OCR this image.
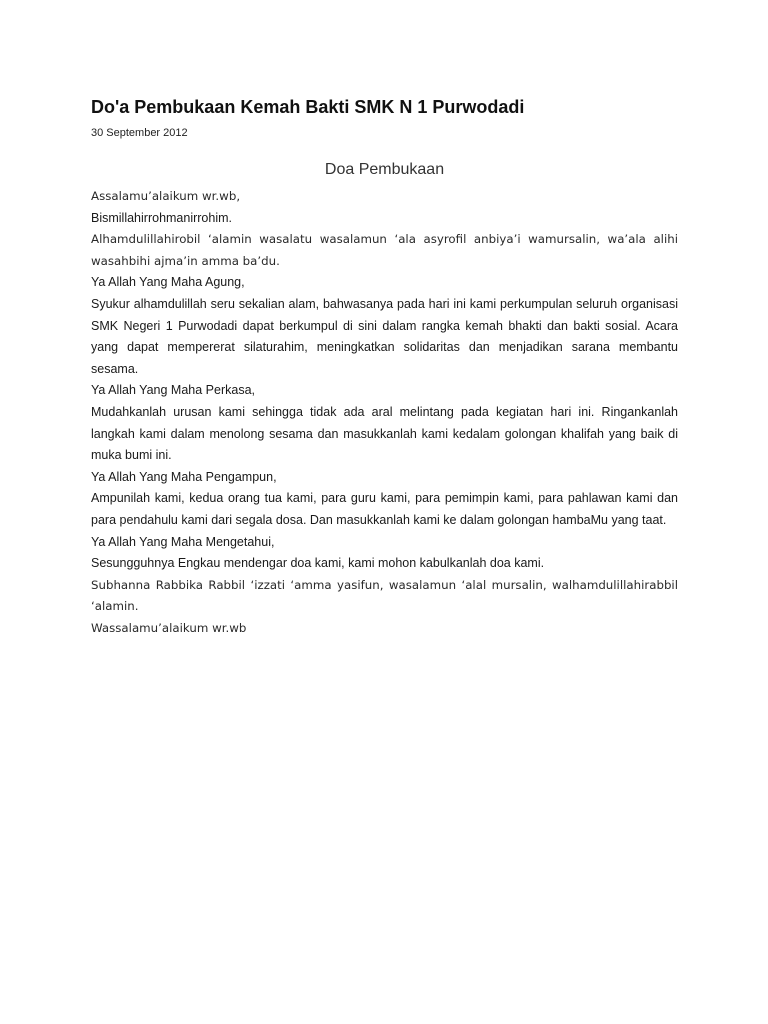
Do'a Pembukaan Kemah Bakti SMK N 1 Purwodadi
30 September 2012
Doa Pembukaan

Assalamu’alaikum wr.wb,

Bismillahirrohmanirrohim.

Alhamdulillahirobil ‘alamin wasalatu wasalamun ‘ala asyrofil anbiya’i wamursalin, wa’ala alihi wasahbihi ajma’in amma ba’du.

Ya Allah Yang Maha Agung,

Syukur alhamdulillah seru sekalian alam, bahwasanya pada hari ini kami perkumpulan seluruh organisasi SMK Negeri 1 Purwodadi dapat berkumpul di sini dalam rangka kemah bhakti dan bakti sosial. Acara yang dapat mempererat silaturahim, meningkatkan solidaritas dan menjadikan sarana membantu sesama.

Ya Allah Yang Maha Perkasa,

Mudahkanlah urusan kami sehingga tidak ada aral melintang pada kegiatan hari ini. Ringankanlah langkah kami dalam menolong sesama dan masukkanlah kami kedalam golongan khalifah yang baik di muka bumi ini.

Ya Allah Yang Maha Pengampun,

Ampunilah kami, kedua orang tua kami, para guru kami, para pemimpin kami, para pahlawan kami dan para pendahulu kami dari segala dosa. Dan masukkanlah kami ke dalam golongan hambaMu yang taat.

Ya Allah Yang Maha Mengetahui,

Sesungguhnya Engkau mendengar doa kami, kami mohon kabulkanlah doa kami.

Subhanna Rabbika Rabbil ‘izzati ‘amma yasifun, wasalamun ‘alal mursalin, walhamdulillahirabbil ‘alamin.

Wassalamu’alaikum wr.wb
